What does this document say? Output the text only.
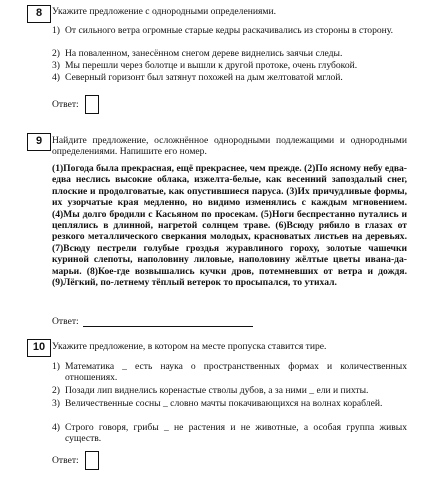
8	Укажите предложение с однородными определениями.
1) От сильного ветра огромные старые кедры раскачивались из стороны в сторону.
2) На поваленном, занесённом снегом дереве виднелись заячьи следы.
3) Мы перешли через болотце и вышли к другой протоке, очень глубокой.
4) Северный горизонт был затянут похожей на дым желтоватой мглой.
Ответ:
9	Найдите предложение, осложнённое однородными подлежащими и однородными определениями. Напишите его номер.
(1)Погода была прекрасная, ещё прекраснее, чем прежде. (2)По ясному небу едва-едва неслись высокие облака, изжелта-белые, как весенний запоздалый снег, плоские и продолговатые, как опустившиеся паруса. (3)Их причудливые формы, их узорчатые края медленно, но видимо изменялись с каждым мгновением. (4)Мы долго бродили с Касьяном по просекам. (5)Ноги беспрестанно путались и цеплялись в длинной, нагретой солнцем траве. (6)Всюду рябило в глазах от резкого металлического сверкания молодых, красноватых листьев на деревьях. (7)Всюду пестрели голубые гроздья журавлиного гороху, золотые чашечки куриной слепоты, наполовину лиловые, наполовину жёлтые цветы ивана-да-марьи. (8)Кое-где возвышались кучки дров, потемневших от ветра и дождя. (9)Лёгкий, по-летнему тёплый ветерок то просыпался, то утихал.
Ответ:
10 Укажите предложение, в котором на месте пропуска ставится тире.
1) Математика _ есть наука о пространственных формах и количественных отношениях.
2) Позади лип виднелись коренастые стволы дубов, а за ними _ ели и пихты.
3) Величественные сосны _ словно мачты покачивающихся на волнах кораблей.
4) Строго говоря, грибы _ не растения и не животные, а особая группа живых существ.
Ответ:
